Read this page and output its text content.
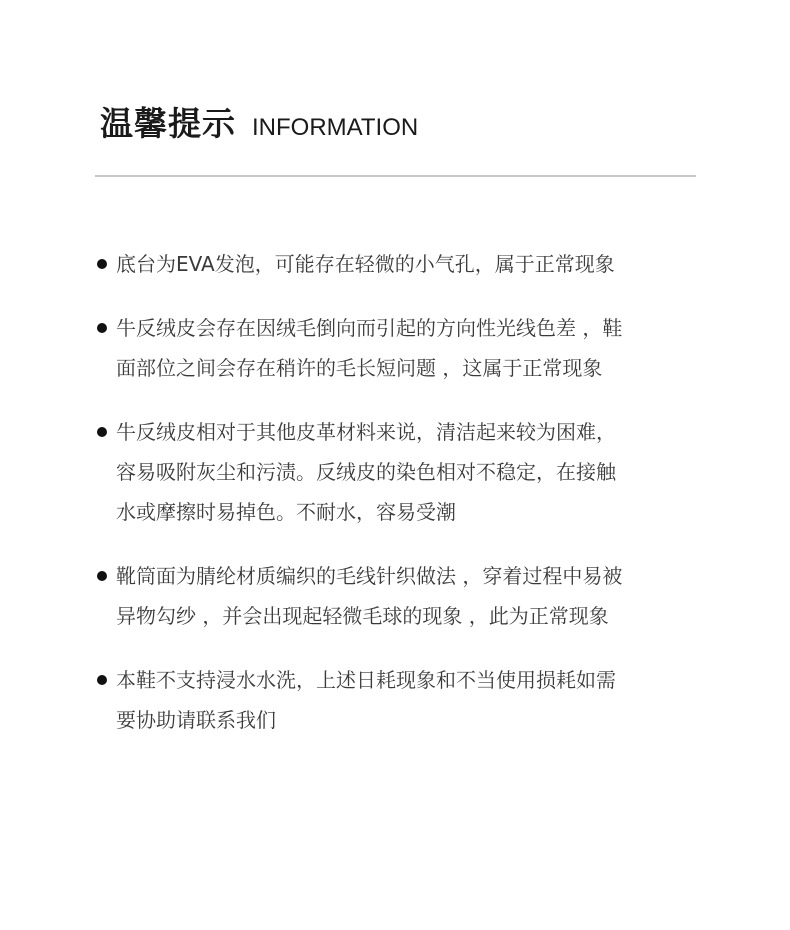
温馨提示 INFORMATION
底台为EVA发泡，可能存在轻微的小气孔，属于正常现象
牛反绒皮会存在因绒毛倒向而引起的方向性光线色差 ，鞋
面部位之间会存在稍许的毛长短问题 ，这属于正常现象
牛反绒皮相对于其他皮革材料来说，清洁起来较为困难，
容易吸附灰尘和污渍。反绒皮的染色相对不稳定，在接触
水或摩擦时易掉色。不耐水，容易受潮
靴筒面为腈纶材质编织的毛线针织做法 ，穿着过程中易被
异物勾纱 ，并会出现起轻微毛球的现象 ，此为正常现象
本鞋不支持浸水水洗，上述日耗现象和不当使用损耗如需
要协助请联系我们
